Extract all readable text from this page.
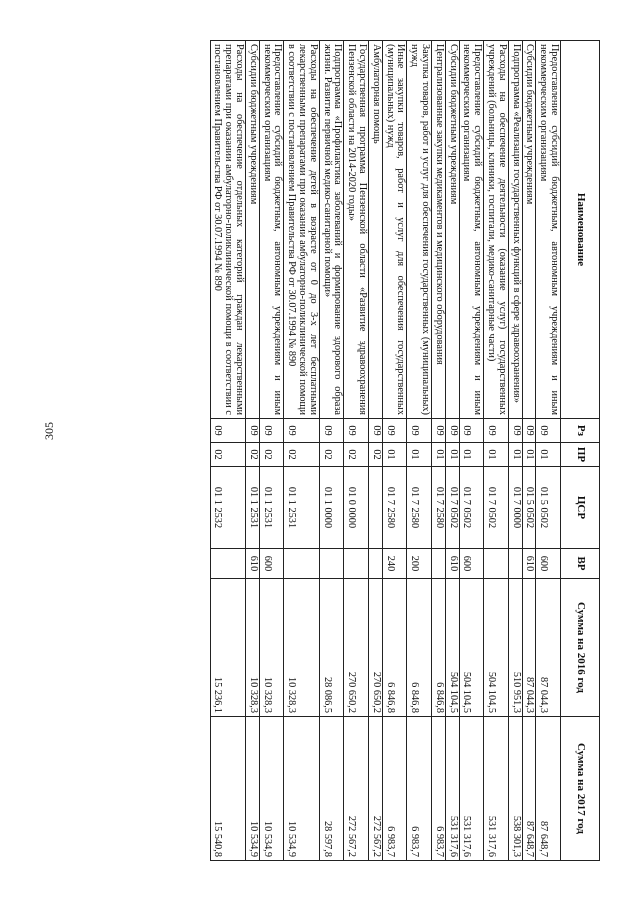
305
Наименование	Рз	ПР	ЦСР	ВР	Сумма на 2016 год	Сумма на 2017 год
Предоставление субсидий бюджетным, автономным учреждениям и иным некоммерческим организациям	09	01	01 5 0502	600	87 044,3	87 648,7
Субсидии бюджетным учреждениям	09	01	01 5 0502	610	87 044,3	87 648,7
Подпрограмма «Реализация государственных функций в сфере здравоохранения»	09	01	01 7 0000		510 951,3	538 301,3
Расходы на обеспечение деятельности (оказание услуг) государственных учреждений (больницы, клиники, госпитали, медико-санитарные части)	09	01	01 7 0502		504 104,5	531 317,6
Предоставление субсидий бюджетным, автономным учреждениям и иным некоммерческим организациям	09	01	01 7 0502	600	504 104,5	531 317,6
Субсидии бюджетным учреждениям	09	01	01 7 0502	610	504 104,5	531 317,6
Централизованные закупки медикаментов и медицинского оборудования	09	01	01 7 2580		6 846,8	6 983,7
Закупка товаров, работ и услуг для обеспечения государственных (муниципальных) нужд	09	01	01 7 2580	200	6 846,8	6 983,7
Иные закупки товаров, работ и услуг для обеспечения государственных (муниципальных) нужд	09	01	01 7 2580	240	6 846,8	6 983,7
Амбулаторная помощь	09	02			270 650,2	272 567,2
Государственная программа Пензенской области «Развитие здравоохранения Пензенской области на 2014-2020 годы»	09	02	01 0 0000		270 650,2	272 567,2
Подпрограмма «Профилактика заболеваний и формирование здорового образа жизни. Развитие первичной медико-санитарной помощи»	09	02	01 1 0000		28 086,5	28 597,8
Расходы на обеспечение детей в возрасте от 0 до 3-х лет бесплатными лекарственными препаратами при оказании амбулаторно-поликлинической помощи в соответствии с постановлением Правительства РФ от 30.07.1994 № 890	09	02	01 1 2531		10 328,3	10 534,9
Предоставление субсидий бюджетным, автономным учреждениям и иным некоммерческим организациям	09	02	01 1 2531	600	10 328,3	10 534,9
Субсидии бюджетным учреждениям	09	02	01 1 2531	610	10 328,3	10 534,9
Расходы на обеспечение отдельных категорий граждан лекарственными препаратами при оказании амбулаторно-поликлинической помощи в соответствии с постановлением Правительства РФ от 30.07.1994 № 890	09	02	01 1 2532		15 236,1	15 540,8
